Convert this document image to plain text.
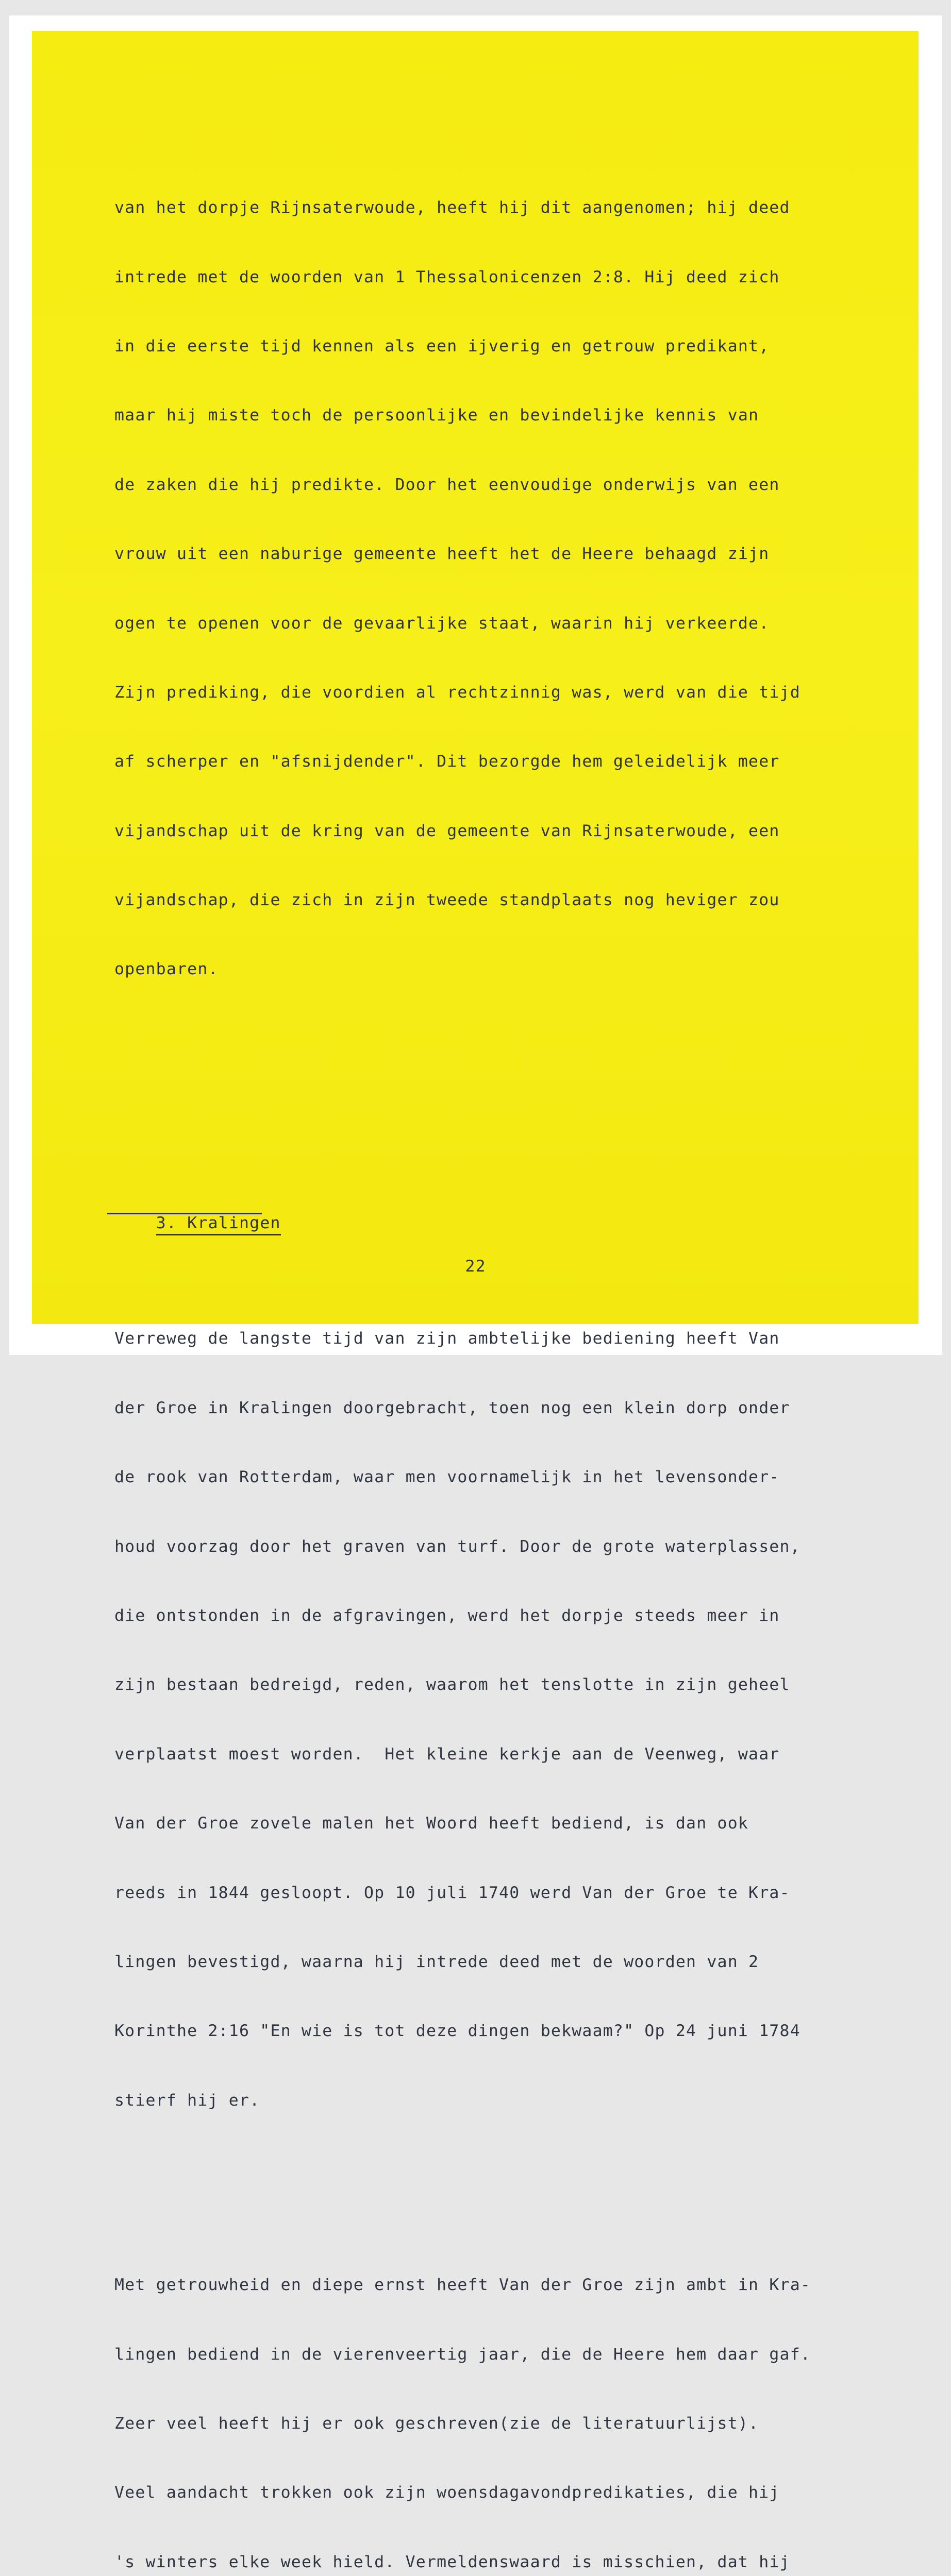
van het dorpje Rijnsaterwoude, heeft hij dit aangenomen; hij deed

intrede met de woorden van 1 Thessalonicenzen 2:8. Hij deed zich

in die eerste tijd kennen als een ijverig en getrouw predikant,

maar hij miste toch de persoonlijke en bevindelijke kennis van

de zaken die hij predikte. Door het eenvoudige onderwijs van een

vrouw uit een naburige gemeente heeft het de Heere behaagd zijn

ogen te openen voor de gevaarlijke staat, waarin hij verkeerde.

Zijn prediking, die voordien al rechtzinnig was, werd van die tijd

af scherper en "afsnijdender". Dit bezorgde hem geleidelijk meer

vijandschap uit de kring van de gemeente van Rijnsaterwoude, een

vijandschap, die zich in zijn tweede standplaats nog heviger zou

openbaren.

3. Kralingen

Verreweg de langste tijd van zijn ambtelijke bediening heeft Van

der Groe in Kralingen doorgebracht, toen nog een klein dorp onder

de rook van Rotterdam, waar men voornamelijk in het levensonder-

houd voorzag door het graven van turf. Door de grote waterplassen,

die ontstonden in de afgravingen, werd het dorpje steeds meer in

zijn bestaan bedreigd, reden, waarom het tenslotte in zijn geheel

verplaatst moest worden.  Het kleine kerkje aan de Veenweg, waar

Van der Groe zovele malen het Woord heeft bediend, is dan ook

reeds in 1844 gesloopt. Op 10 juli 1740 werd Van der Groe te Kra-

lingen bevestigd, waarna hij intrede deed met de woorden van 2

Korinthe 2:16 "En wie is tot deze dingen bekwaam?" Op 24 juni 1784

stierf hij er.

Met getrouwheid en diepe ernst heeft Van der Groe zijn ambt in Kra-

lingen bediend in de vierenveertig jaar, die de Heere hem daar gaf.

Zeer veel heeft hij er ook geschreven(zie de literatuurlijst).

Veel aandacht trokken ook zijn woensdagavondpredikaties, die hij

's winters elke week hield. Vermeldenswaard is misschien, dat hij

22
